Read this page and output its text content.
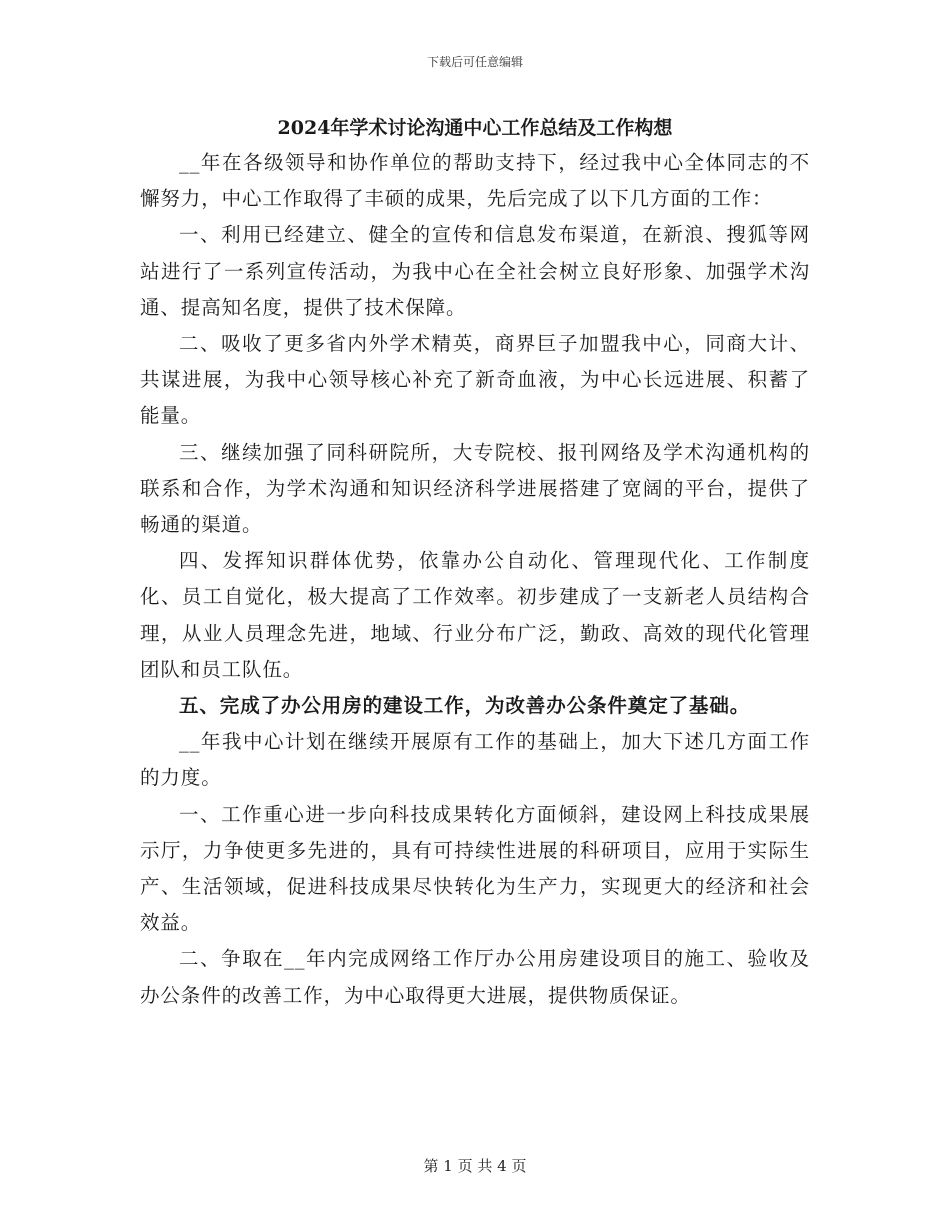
下载后可任意编辑
2024年学术讨论沟通中心工作总结及工作构想

__年在各级领导和协作单位的帮助支持下，经过我中心全体同志的不懈努力，中心工作取得了丰硕的成果，先后完成了以下几方面的工作：

一、利用已经建立、健全的宣传和信息发布渠道，在新浪、搜狐等网站进行了一系列宣传活动，为我中心在全社会树立良好形象、加强学术沟通、提高知名度，提供了技术保障。

二、吸收了更多省内外学术精英，商界巨子加盟我中心，同商大计、共谋进展，为我中心领导核心补充了新奇血液，为中心长远进展、积蓄了能量。

三、继续加强了同科研院所，大专院校、报刊网络及学术沟通机构的联系和合作，为学术沟通和知识经济科学进展搭建了宽阔的平台，提供了畅通的渠道。

四、发挥知识群体优势，依靠办公自动化、管理现代化、工作制度化、员工自觉化，极大提高了工作效率。初步建成了一支新老人员结构合理，从业人员理念先进，地域、行业分布广泛，勤政、高效的现代化管理团队和员工队伍。

五、完成了办公用房的建设工作，为改善办公条件奠定了基础。

__年我中心计划在继续开展原有工作的基础上，加大下述几方面工作的力度。

一、工作重心进一步向科技成果转化方面倾斜，建设网上科技成果展示厅，力争使更多先进的，具有可持续性进展的科研项目，应用于实际生产、生活领域，促进科技成果尽快转化为生产力，实现更大的经济和社会效益。

二、争取在__年内完成网络工作厅办公用房建设项目的施工、验收及办公条件的改善工作，为中心取得更大进展，提供物质保证。

第 1 页 共 4 页
